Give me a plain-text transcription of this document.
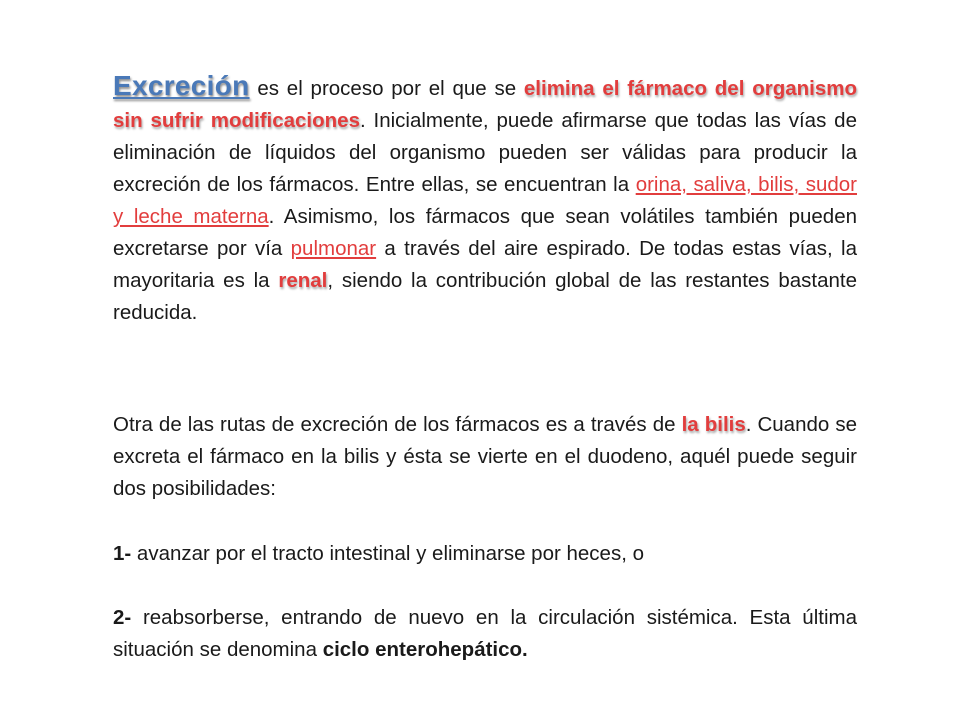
Excreción es el proceso por el que se elimina el fármaco del organismo sin sufrir modificaciones. Inicialmente, puede afirmarse que todas las vías de eliminación de líquidos del organismo pueden ser válidas para producir la excreción de los fármacos. Entre ellas, se encuentran la orina, saliva, bilis, sudor y leche materna. Asimismo, los fármacos que sean volátiles también pueden excretarse por vía pulmonar a través del aire espirado. De todas estas vías, la mayoritaria es la renal, siendo la contribución global de las restantes bastante reducida.

Otra de las rutas de excreción de los fármacos es a través de la bilis. Cuando se excreta el fármaco en la bilis y ésta se vierte en el duodeno, aquél puede seguir dos posibilidades:

1- avanzar por el tracto intestinal y eliminarse por heces, o

2- reabsorberse, entrando de nuevo en la circulación sistémica. Esta última situación se denomina ciclo enterohepático.
